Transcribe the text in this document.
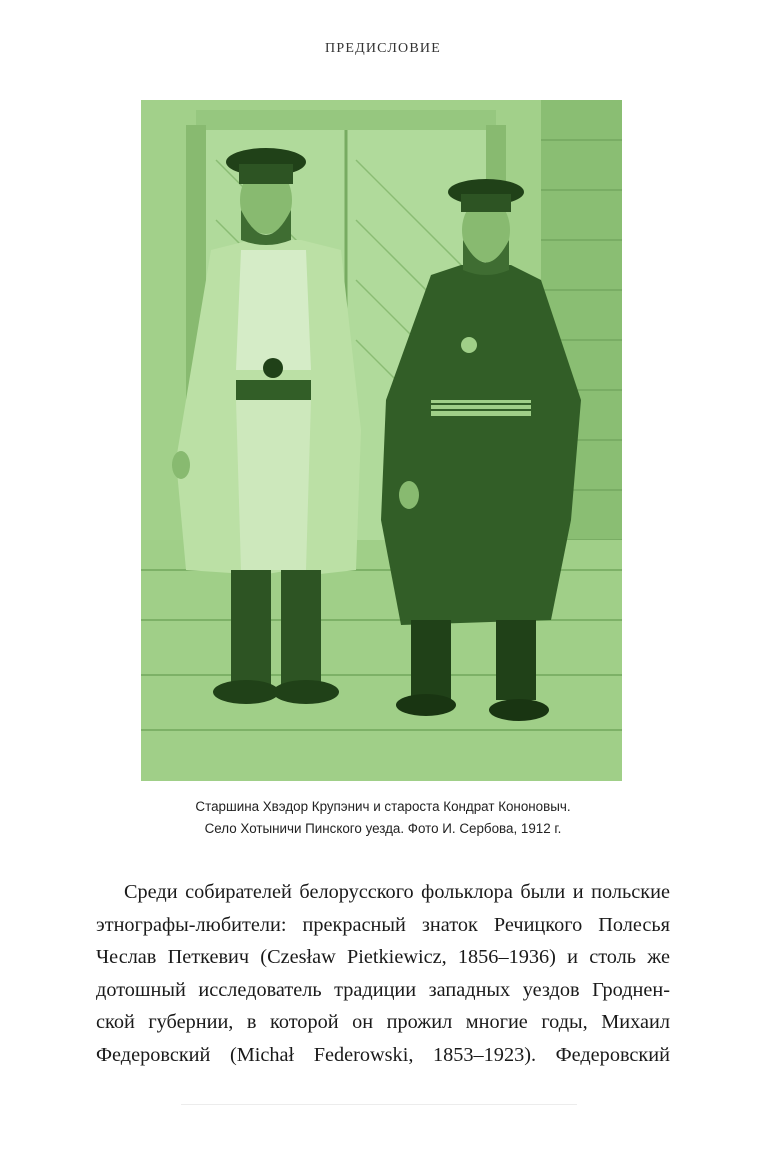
ПРЕДИСЛОВИЕ
Старшина Хвэдор Крупэнич и староста Кондрат Кононовыч.
Село Хотыничи Пинского уезда. Фото И. Сербова, 1912 г.
Среди собирателей белорусского фольклора были и польские
этнографы-любители: прекрасный знаток Речицкого Полесья
Чеслав Петкевич (Czesław Pietkiewicz, 1856–1936) и столь же
дотошный исследователь традиции западных уездов Гроднен-
ской губернии, в которой он прожил многие годы, Михаил
Федеровский (Michał Federowski, 1853–1923). Федеровский
